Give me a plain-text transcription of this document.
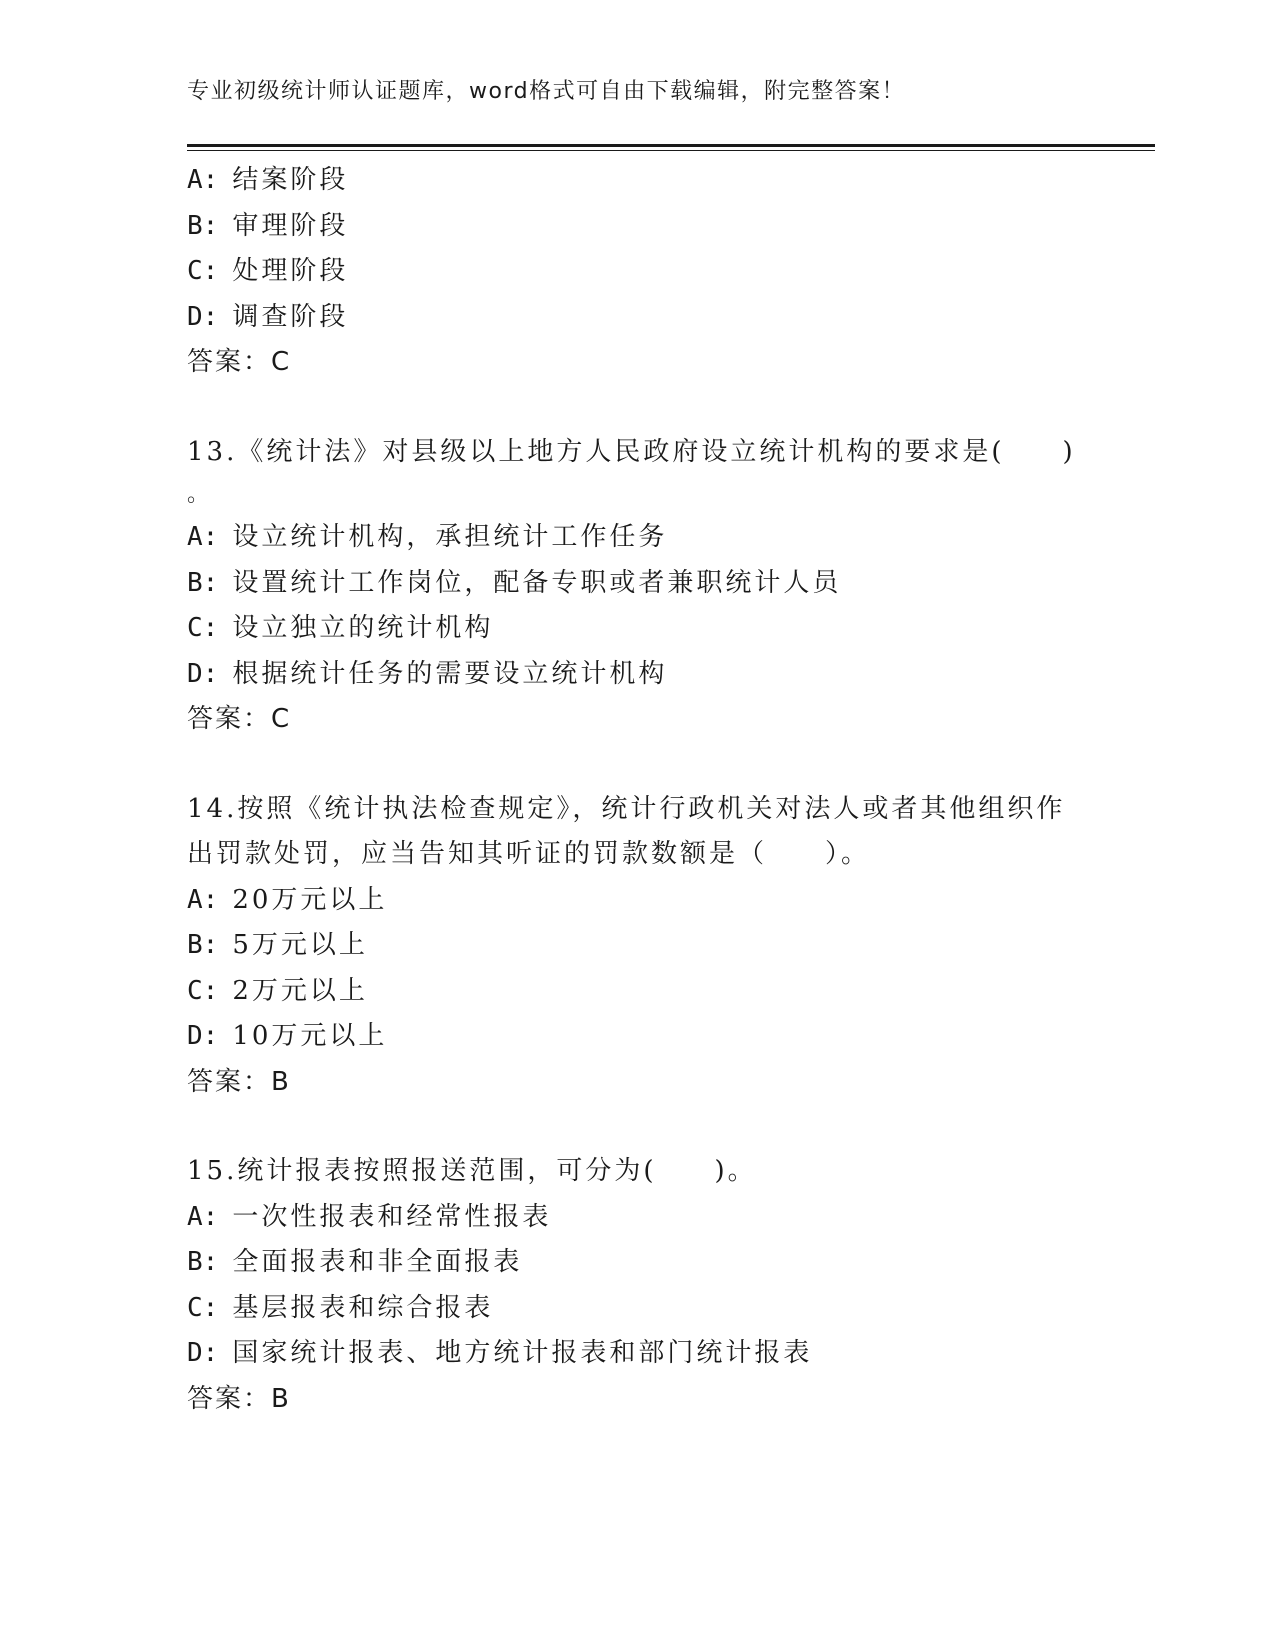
专业初级统计师认证题库，word格式可自由下载编辑，附完整答案！
A: 结案阶段
B: 审理阶段
C: 处理阶段
D: 调查阶段
答案：C
13.《统计法》对县级以上地方人民政府设立统计机构的要求是(　　)
。
A: 设立统计机构，承担统计工作任务
B: 设置统计工作岗位，配备专职或者兼职统计人员
C: 设立独立的统计机构
D: 根据统计任务的需要设立统计机构
答案：C
14.按照《统计执法检查规定》，统计行政机关对法人或者其他组织作
出罚款处罚，应当告知其听证的罚款数额是（　　）。
A: 20万元以上
B: 5万元以上
C: 2万元以上
D: 10万元以上
答案：B
15.统计报表按照报送范围，可分为(　　)。
A: 一次性报表和经常性报表
B: 全面报表和非全面报表
C: 基层报表和综合报表
D: 国家统计报表、地方统计报表和部门统计报表
答案：B
